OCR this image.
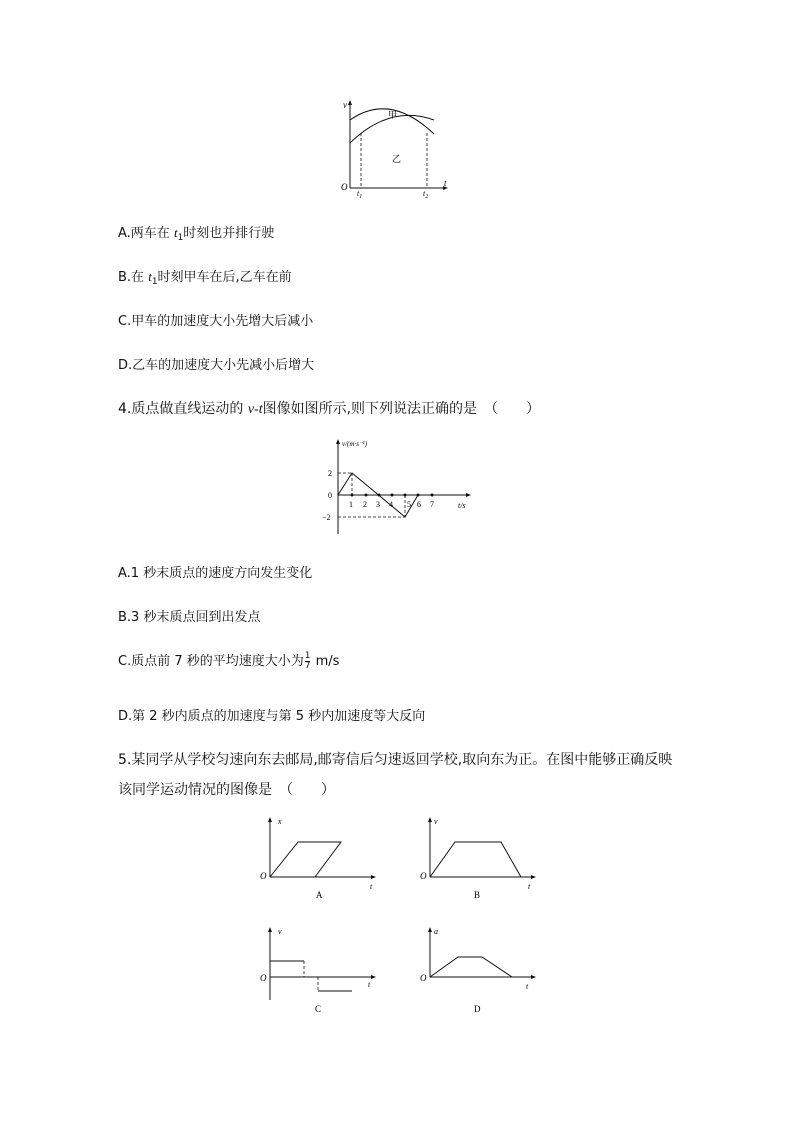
v
t
O
$t_1$	$t_2$
甲
乙
A.两车在 $t_1$时刻也并排行驶
B.在 $t_1$时刻甲车在后,乙车在前
C.甲车的加速度大小先增大后减小
D.乙车的加速度大小先减小后增大
4.质点做直线运动的 v-t图像如图所示,则下列说法正确的是　（　　）
v/(m·s⁻¹)
t/s
2
0
−2
1 2 3 4 5 6 7
A.1 秒末质点的速度方向发生变化
B.3 秒末质点回到出发点
C.质点前 7 秒的平均速度大小为 $\frac{1}{7} m/s$
D.第 2 秒内质点的加速度与第 5 秒内加速度等大反向
5.某同学从学校匀速向东去邮局,邮寄信后匀速返回学校,取向东为正。在图中能够正确反映
该同学运动情况的图像是　（　　）
x
t
O
A
v
t
O
B
v
t
O
C
a
t
O
D
